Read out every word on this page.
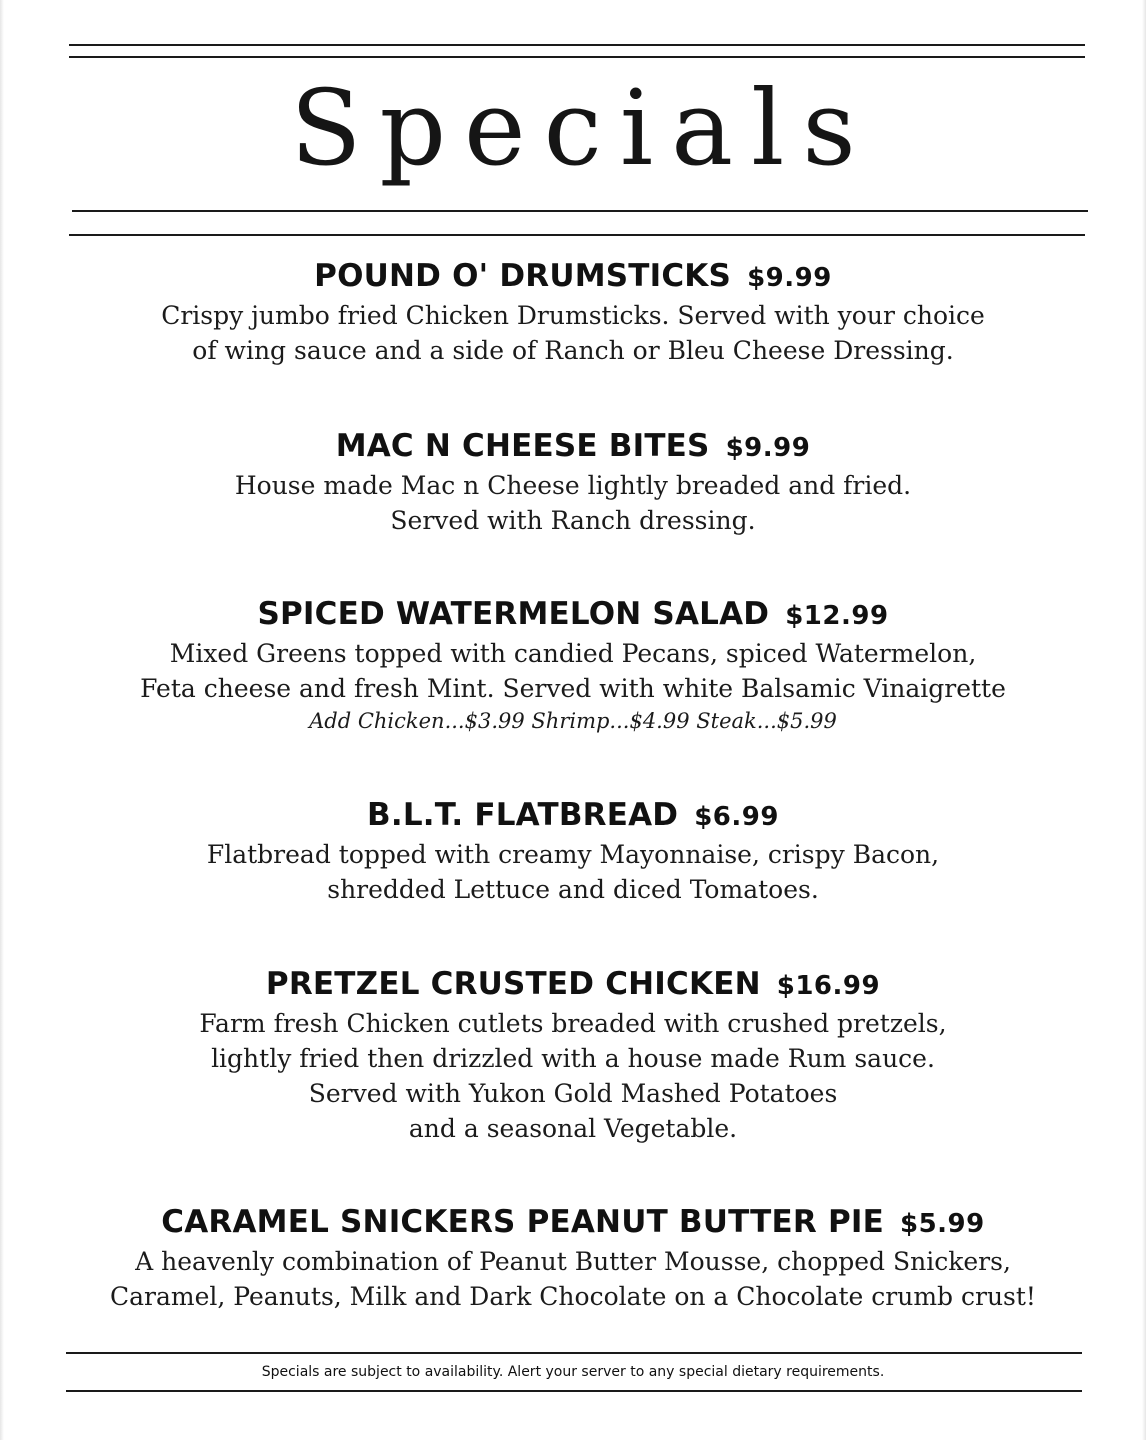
Specials
POUND O' DRUMSTICKS $9.99
Crispy jumbo fried Chicken Drumsticks. Served with your choice
of wing sauce and a side of Ranch or Bleu Cheese Dressing.
MAC N CHEESE BITES $9.99
House made Mac n Cheese lightly breaded and fried.
Served with Ranch dressing.
SPICED WATERMELON SALAD $12.99
Mixed Greens topped with candied Pecans, spiced Watermelon,
Feta cheese and fresh Mint. Served with white Balsamic Vinaigrette
Add Chicken...$3.99 Shrimp...$4.99 Steak...$5.99
B.L.T. FLATBREAD $6.99
Flatbread topped with creamy Mayonnaise, crispy Bacon,
shredded Lettuce and diced Tomatoes.
PRETZEL CRUSTED CHICKEN $16.99
Farm fresh Chicken cutlets breaded with crushed pretzels,
lightly fried then drizzled with a house made Rum sauce.
Served with Yukon Gold Mashed Potatoes
and a seasonal Vegetable.
CARAMEL SNICKERS PEANUT BUTTER PIE $5.99
A heavenly combination of Peanut Butter Mousse, chopped Snickers,
Caramel, Peanuts, Milk and Dark Chocolate on a Chocolate crumb crust!
Specials are subject to availability. Alert your server to any special dietary requirements.
